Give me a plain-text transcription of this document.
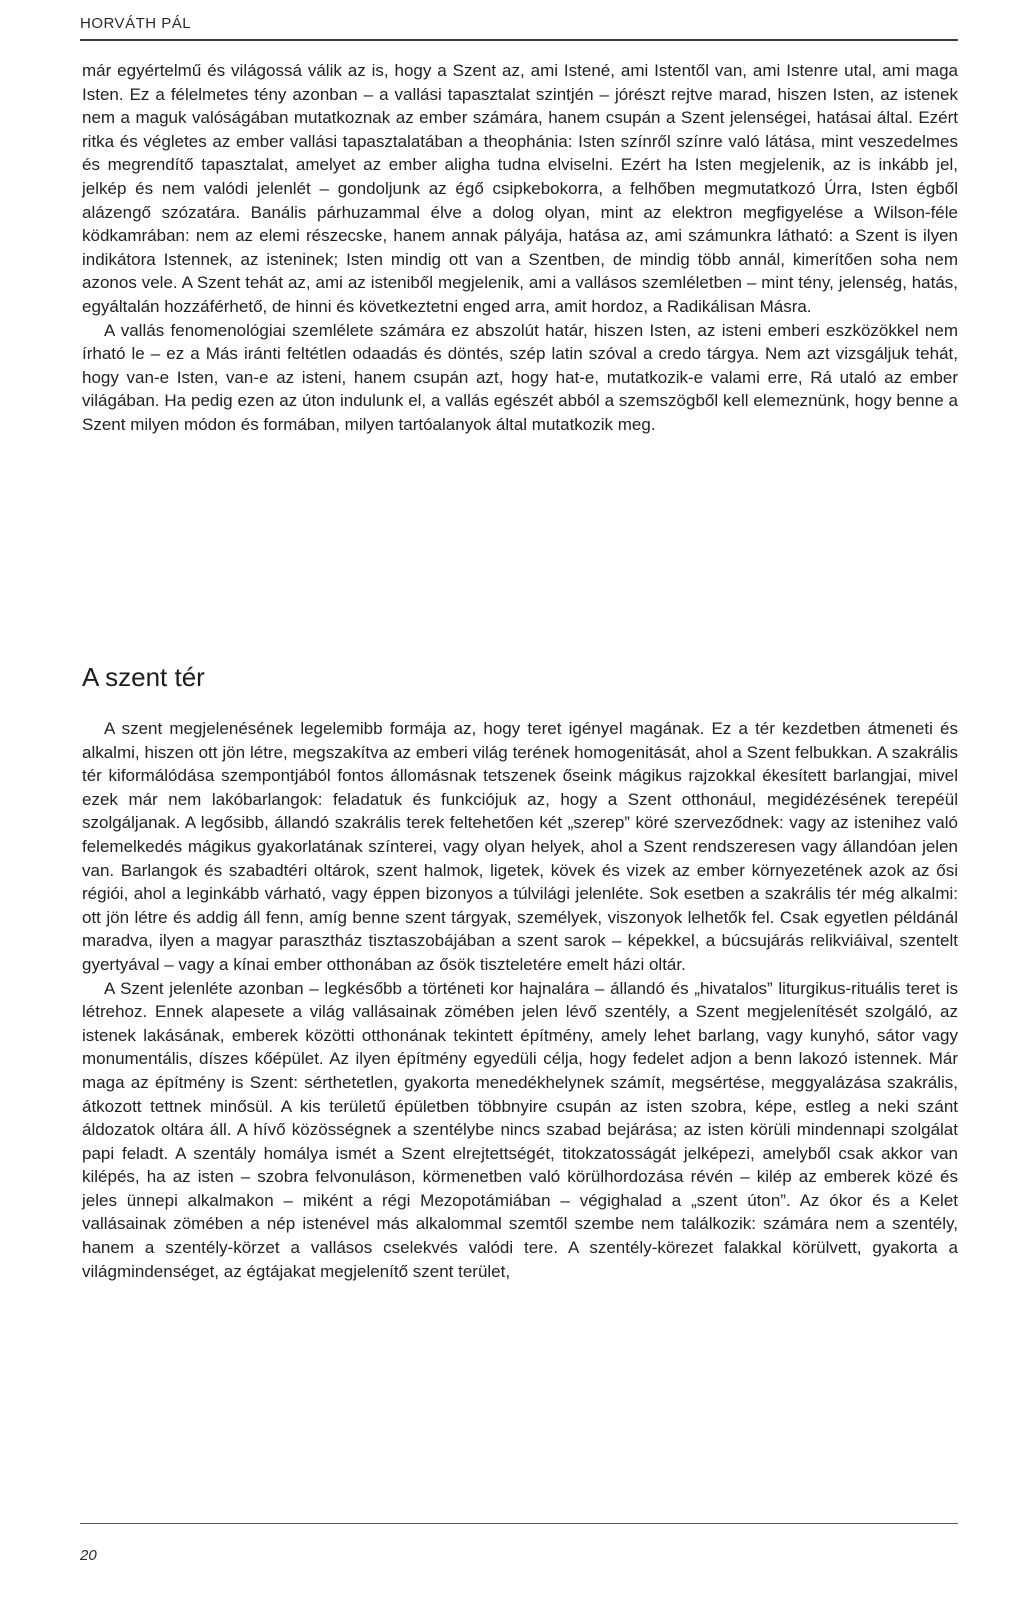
HORVÁTH PÁL

már egyértelmű és világossá válik az is, hogy a Szent az, ami Istené, ami Istentől van, ami Istenre utal, ami maga Isten. Ez a félelmetes tény azonban – a vallási tapasztalat szintjén – jórészt rejtve marad, hiszen Isten, az istenek nem a maguk valóságában mutatkoznak az ember számára, hanem csupán a Szent jelenségei, hatásai által. Ezért ritka és végletes az ember vallási tapasztalatában a theophánia: Isten színről színre való látása, mint veszedelmes és megrendítő tapasztalat, amelyet az ember aligha tudna elviselni. Ezért ha Isten megjelenik, az is inkább jel, jelkép és nem valódi jelenlét – gondoljunk az égő csipkebokorra, a felhőben megmutatkozó Úrra, Isten égből alázengő szózatára. Banális párhuzammal élve a dolog olyan, mint az elektron megfigyelése a Wilson-féle ködkamrában: nem az elemi részecske, hanem annak pályája, hatása az, ami számunkra látható: a Szent is ilyen indikátora Istennek, az isteninek; Isten mindig ott van a Szentben, de mindig több annál, kimerítően soha nem azonos vele. A Szent tehát az, ami az isteniből megjelenik, ami a vallásos szemléletben – mint tény, jelenség, hatás, egyáltalán hozzáférhető, de hinni és következtetni enged arra, amit hordoz, a Radikálisan Másra.

A vallás fenomenológiai szemlélete számára ez abszolút határ, hiszen Isten, az isteni emberi eszközökkel nem írható le – ez a Más iránti feltétlen odaadás és döntés, szép latin szóval a credo tárgya. Nem azt vizsgáljuk tehát, hogy van-e Isten, van-e az isteni, hanem csupán azt, hogy hat-e, mutatkozik-e valami erre, Rá utaló az ember világában. Ha pedig ezen az úton indulunk el, a vallás egészét abból a szemszögből kell elemeznünk, hogy benne a Szent milyen módon és formában, milyen tartóalanyok által mutatkozik meg.

A szent tér

A szent megjelenésének legelemibb formája az, hogy teret igényel magának. Ez a tér kezdetben átmeneti és alkalmi, hiszen ott jön létre, megszakítva az emberi világ terének homogenitását, ahol a Szent felbukkan. A szakrális tér kiformálódása szempontjából fontos állomásnak tetszenek őseink mágikus rajzokkal ékesített barlangjai, mivel ezek már nem lakóbarlangok: feladatuk és funkciójuk az, hogy a Szent otthonául, megidézésének terepéül szolgáljanak. A legősibb, állandó szakrális terek feltehetően két „szerep” köré szerveződnek: vagy az istenihez való felemelkedés mágikus gyakorlatának színterei, vagy olyan helyek, ahol a Szent rendszeresen vagy állandóan jelen van. Barlangok és szabadtéri oltárok, szent halmok, ligetek, kövek és vizek az ember környezetének azok az ősi régiói, ahol a leginkább várható, vagy éppen bizonyos a túlvilági jelenléte. Sok esetben a szakrális tér még alkalmi: ott jön létre és addig áll fenn, amíg benne szent tárgyak, személyek, viszonyok lelhetők fel. Csak egyetlen példánál maradva, ilyen a magyar parasztház tisztaszobájában a szent sarok – képekkel, a búcsujárás relikviáival, szentelt gyertyával – vagy a kínai ember otthonában az ősök tiszteletére emelt házi oltár.

A Szent jelenléte azonban – legkésőbb a történeti kor hajnalára – állandó és „hivatalos” liturgikus-rituális teret is létrehoz. Ennek alapesete a világ vallásainak zömében jelen lévő szentély, a Szent megjelenítését szolgáló, az istenek lakásának, emberek közötti otthonának tekintett építmény, amely lehet barlang, vagy kunyhó, sátor vagy monumentális, díszes kőépület. Az ilyen építmény egyedüli célja, hogy fedelet adjon a benn lakozó istennek. Már maga az építmény is Szent: sérthetetlen, gyakorta menedékhelynek számít, megsértése, meggyalázása szakrális, átkozott tettnek minősül. A kis területű épületben többnyire csupán az isten szobra, képe, estleg a neki szánt áldozatok oltára áll. A hívő közösségnek a szentélybe nincs szabad bejárása; az isten körüli mindennapi szolgálat papi feladt. A szentály homálya ismét a Szent elrejtettségét, titokzatosságát jelképezi, amelyből csak akkor van kilépés, ha az isten – szobra felvonuláson, körmenetben való körülhordozása révén – kilép az emberek közé és jeles ünnepi alkalmakon – miként a régi Mezopotámiában – végighalad a „szent úton”. Az ókor és a Kelet vallásainak zömében a nép istenével más alkalommal szemtől szembe nem találkozik: számára nem a szentély, hanem a szentély-körzet a vallásos cselekvés valódi tere. A szentély-körezet falakkal körülvett, gyakorta a világmindenséget, az égtájakat megjelenítő szent terület,

20
